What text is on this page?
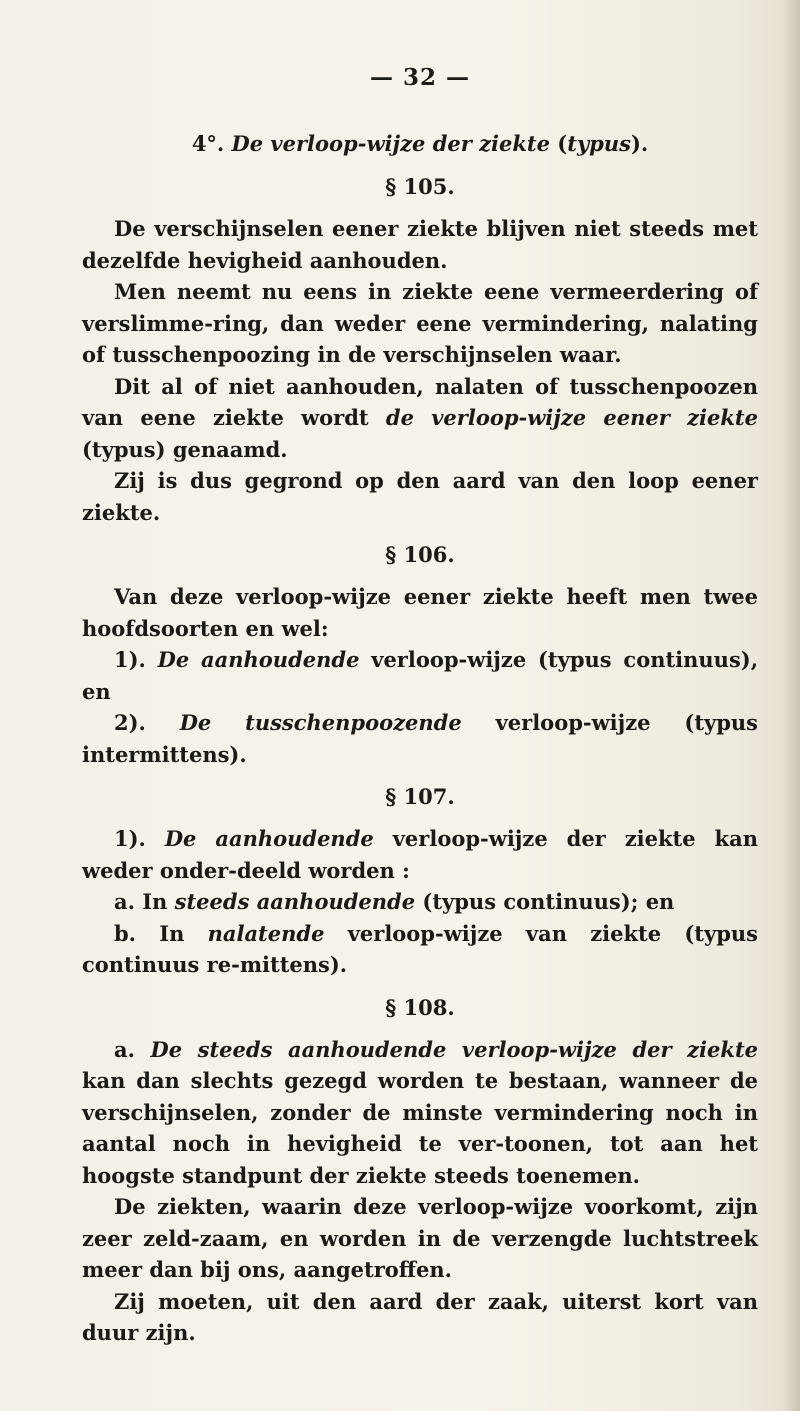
— 32 —
4°. De verloop-wijze der ziekte (typus).
§ 105.

De verschijnselen eener ziekte blijven niet steeds met dezelfde hevigheid aanhouden.

Men neemt nu eens in ziekte eene vermeerdering of verslimme-ring, dan weder eene vermindering, nalating of tusschenpoozing in de verschijnselen waar.

Dit al of niet aanhouden, nalaten of tusschenpoozen van eene ziekte wordt de verloop-wijze eener ziekte (typus) genaamd.

Zij is dus gegrond op den aard van den loop eener ziekte.

§ 106.

Van deze verloop-wijze eener ziekte heeft men twee hoofdsoorten en wel:

1). De aanhoudende verloop-wijze (typus continuus), en

2). De tusschenpoozende verloop-wijze (typus intermittens).

§ 107.

1). De aanhoudende verloop-wijze der ziekte kan weder onder-deeld worden :

a. In steeds aanhoudende (typus continuus); en

b. In nalatende verloop-wijze van ziekte (typus continuus re-mittens).

§ 108.

a. De steeds aanhoudende verloop-wijze der ziekte kan dan slechts gezegd worden te bestaan, wanneer de verschijnselen, zonder de minste vermindering noch in aantal noch in hevigheid te ver-toonen, tot aan het hoogste standpunt der ziekte steeds toenemen.

De ziekten, waarin deze verloop-wijze voorkomt, zijn zeer zeld-zaam, en worden in de verzengde luchtstreek meer dan bij ons, aangetroffen.

Zij moeten, uit den aard der zaak, uiterst kort van duur zijn.
